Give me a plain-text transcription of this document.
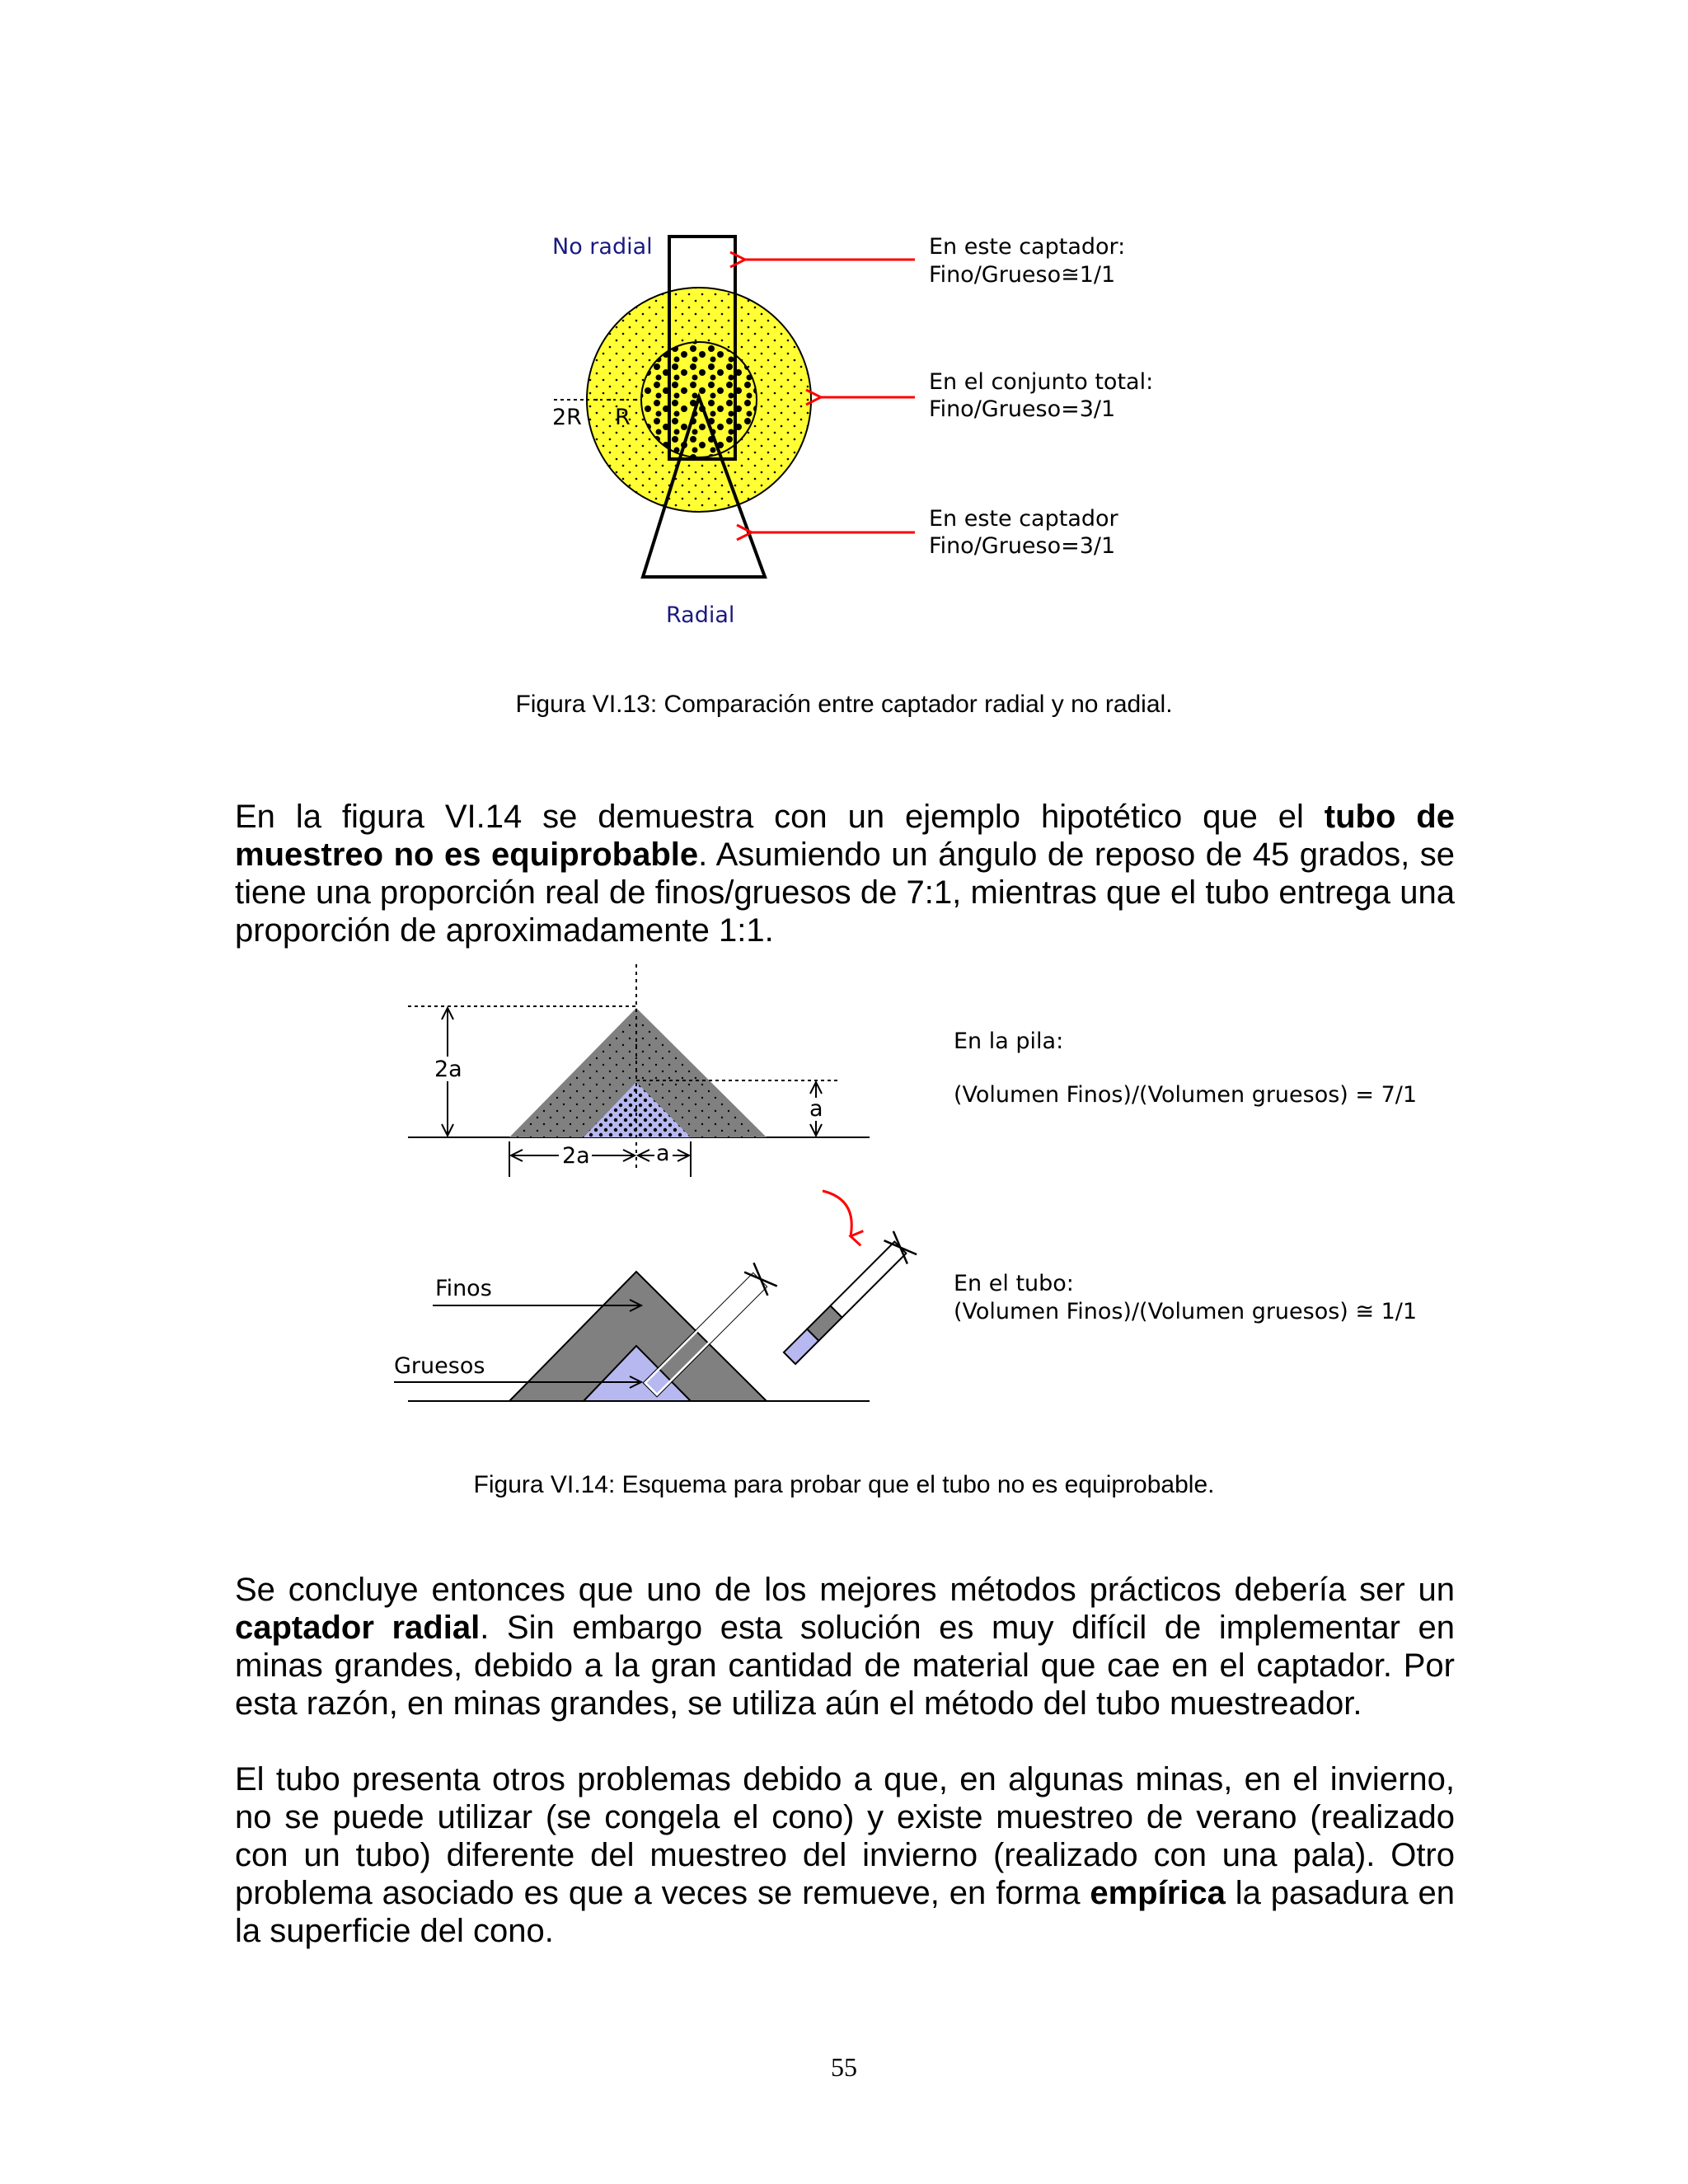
2R R
No radial
Radial
En este captador:
Fino/Grueso≅1/1
En el conjunto total:
Fino/Grueso=3/1
En este captador
Fino/Grueso=3/1
Figura VI.13: Comparación entre captador radial y no radial.

En la figura VI.14 se demuestra con un ejemplo hipotético que el tubo de muestreo no es equiprobable. Asumiendo un ángulo de reposo de 45 grados, se tiene una proporción real de finos/gruesos de 7:1, mientras que el tubo entrega una proporción de aproximadamente 1:1.

2a
a
2a	a
En la pila:
(Volumen Finos)/(Volumen gruesos) = 7/1
Finos
Gruesos
En el tubo:
(Volumen Finos)/(Volumen gruesos) ≅ 1/1
Figura VI.14: Esquema para probar que el tubo no es equiprobable.

Se concluye entonces que uno de los mejores métodos prácticos debería ser un captador radial. Sin embargo esta solución es muy difícil de implementar en minas grandes, debido a la gran cantidad de material que cae en el captador. Por esta razón, en minas grandes, se utiliza aún el método del tubo muestreador.

El tubo presenta otros problemas debido a que, en algunas minas, en el invierno, no se puede utilizar (se congela el cono) y existe muestreo de verano (realizado con un tubo) diferente del muestreo del invierno (realizado con una pala). Otro problema asociado es que a veces se remueve, en forma empírica la pasadura en la superficie del cono.

55
